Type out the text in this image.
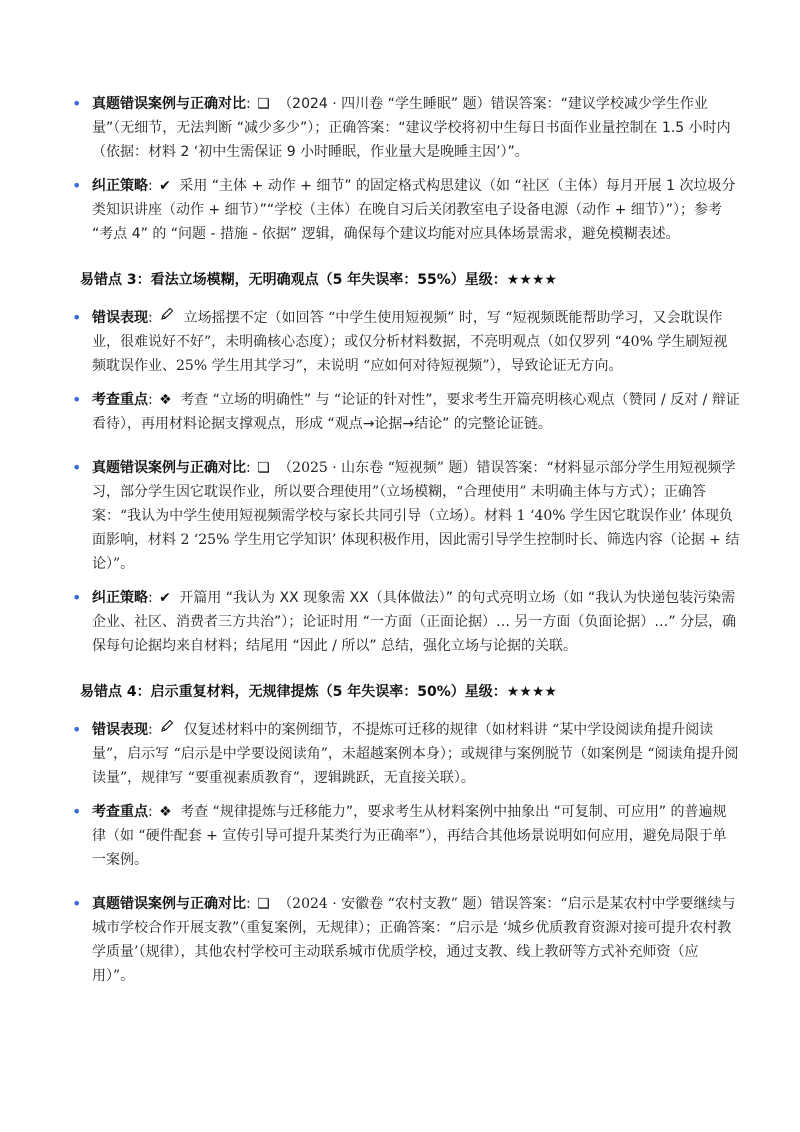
• 真题错误案例与正确对比: ❏ （2024 · 四川卷 “学生睡眠” 题）错误答案：“建议学校减少学生作业量”（无细节，无法判断 “减少多少”）；正确答案：“建议学校将初中生每日书面作业量控制在 1.5 小时内（依据：材料 2 ‘初中生需保证 9 小时睡眠，作业量大是晚睡主因’）”。
• 纠正策略: ✔ 采用 “主体 + 动作 + 细节” 的固定格式构思建议（如 “社区（主体）每月开展 1 次垃圾分类知识讲座（动作 + 细节）”“学校（主体）在晚自习后关闭教室电子设备电源（动作 + 细节）”）；参考 “考点 4” 的 “问题 - 措施 - 依据” 逻辑，确保每个建议均能对应具体场景需求，避免模糊表述。
易错点 3：看法立场模糊，无明确观点（5 年失误率：55%）星级：★★★★
• 错误表现: 立场摇摆不定（如回答 “中学生使用短视频” 时，写 “短视频既能帮助学习，又会耽误作业，很难说好不好”，未明确核心态度）；或仅分析材料数据，不亮明观点（如仅罗列 “40% 学生刷短视频耽误作业、25% 学生用其学习”，未说明 “应如何对待短视频”），导致论证无方向。
• 考查重点: ❖ 考查 “立场的明确性” 与 “论证的针对性”，要求考生开篇亮明核心观点（赞同 / 反对 / 辩证看待），再用材料论据支撑观点，形成 “观点→论据→结论” 的完整论证链。
• 真题错误案例与正确对比: ❏ （2025 · 山东卷 “短视频” 题）错误答案：“材料显示部分学生用短视频学习，部分学生因它耽误作业，所以要合理使用”（立场模糊，“合理使用” 未明确主体与方式）；正确答案：“我认为中学生使用短视频需学校与家长共同引导（立场）。材料 1 ‘40% 学生因它耽误作业’ 体现负面影响，材料 2 ‘25% 学生用它学知识’ 体现积极作用，因此需引导学生控制时长、筛选内容（论据 + 结论）”。
• 纠正策略: ✔ 开篇用 “我认为 XX 现象需 XX（具体做法）” 的句式亮明立场（如 “我认为快递包装污染需企业、社区、消费者三方共治”）；论证时用 “一方面（正面论据）… 另一方面（负面论据）…” 分层，确保每句论据均来自材料；结尾用 “因此 / 所以” 总结，强化立场与论据的关联。
易错点 4：启示重复材料，无规律提炼（5 年失误率：50%）星级：★★★★
• 错误表现: 仅复述材料中的案例细节，不提炼可迁移的规律（如材料讲 “某中学设阅读角提升阅读量”，启示写 “启示是中学要设阅读角”，未超越案例本身）；或规律与案例脱节（如案例是 “阅读角提升阅读量”，规律写 “要重视素质教育”，逻辑跳跃，无直接关联）。
• 考查重点: ❖ 考查 “规律提炼与迁移能力”，要求考生从材料案例中抽象出 “可复制、可应用” 的普遍规律（如 “硬件配套 + 宣传引导可提升某类行为正确率”），再结合其他场景说明如何应用，避免局限于单一案例。
• 真题错误案例与正确对比: ❏ （2024 · 安徽卷 “农村支教” 题）错误答案：“启示是某农村中学要继续与城市学校合作开展支教”（重复案例，无规律）；正确答案：“启示是 ‘城乡优质教育资源对接可提升农村教学质量’（规律），其他农村学校可主动联系城市优质学校，通过支教、线上教研等方式补充师资（应用）”。
